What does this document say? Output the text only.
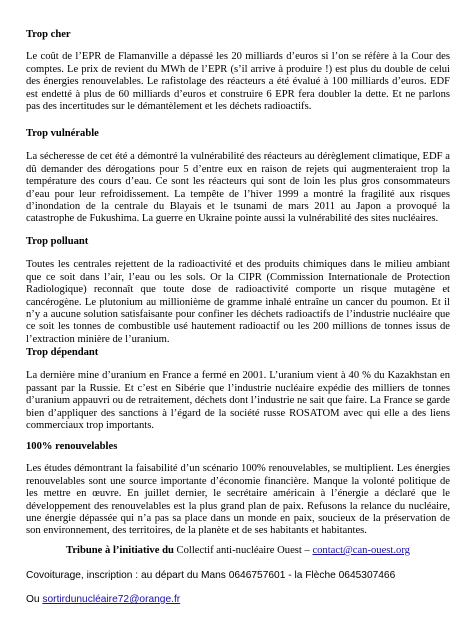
Trop cher

Le coût de l’EPR de Flamanville a dépassé les 20 milliards d’euros si l’on se réfère à la Cour des comptes. Le prix de revient du MWh de l’EPR (s’il arrive à produire !) est plus du double de celui des énergies renouvelables. Le rafistolage des réacteurs a été évalué à 100 milliards d’euros. EDF est endetté à plus de 60 milliards d’euros et construire 6 EPR fera doubler la dette. Et ne parlons pas des incertitudes sur le démantèlement et les déchets radioactifs.

Trop vulnérable

La sécheresse de cet été a démontré la vulnérabilité des réacteurs au dérèglement climatique, EDF a dû demander des dérogations pour 5 d’entre eux en raison de rejets qui augmenteraient trop la température des cours d’eau. Ce sont les réacteurs qui sont de loin les plus gros consommateurs d’eau pour leur refroidissement. La tempête de l’hiver 1999 a montré la fragilité aux risques d’inondation de la centrale du Blayais et le tsunami de mars 2011 au Japon a provoqué la catastrophe de Fukushima. La guerre en Ukraine pointe aussi la vulnérabilité des sites nucléaires.

Trop polluant

Toutes les centrales rejettent de la radioactivité et des produits chimiques dans le milieu ambiant que ce soit dans l’air, l’eau ou les sols. Or la CIPR (Commission Internationale de Protection Radiologique) reconnaît que toute dose de radioactivité comporte un risque mutagène et cancérogène. Le plutonium au millionième de gramme inhalé entraîne un cancer du poumon. Et il n’y a aucune solution satisfaisante pour confiner les déchets radioactifs de l’industrie nucléaire que ce soit les tonnes de combustible usé hautement radioactif ou les 200 millions de tonnes issus de l’extraction minière de l’uranium.

Trop dépendant

La dernière mine d’uranium en France a fermé en 2001. L’uranium vient à 40 % du Kazakhstan en passant par la Russie. Et c’est en Sibérie que l’industrie nucléaire expédie des milliers de tonnes d’uranium appauvri ou de retraitement, déchets dont l’industrie ne sait que faire. La France se garde bien d’appliquer des sanctions à l’égard de la société russe ROSATOM avec qui elle a des liens commerciaux trop importants.

100% renouvelables

Les études démontrant la faisabilité d’un scénario 100% renouvelables, se multiplient. Les énergies renouvelables sont une source importante d’économie financière. Manque la volonté politique de les mettre en œuvre. En juillet dernier, le secrétaire américain à l’énergie a déclaré que le développement des renouvelables est la plus grand plan de paix. Refusons la relance du nucléaire, une énergie dépassée qui n’a pas sa place dans un monde en paix, soucieux de la préservation de son environnement, des territoires, de la planète et de ses habitants et habitantes.

Tribune à l’initiative du Collectif anti-nucléaire Ouest – contact@can-ouest.org
Covoiturage, inscription : au départ du Mans 0646757601 - la Flèche 0645307466
Ou sortirdunucléaire72@orange.fr
